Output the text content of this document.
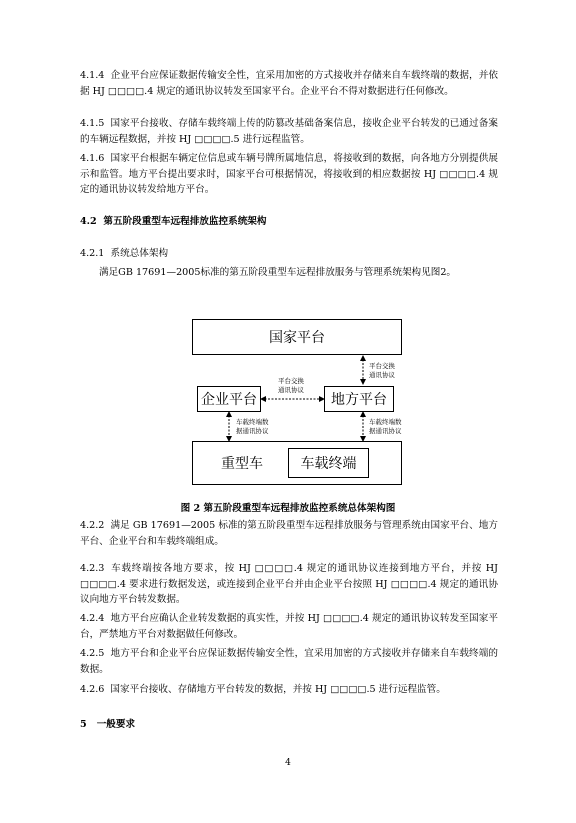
4.1.4 企业平台应保证数据传输安全性，宜采用加密的方式接收并存储来自车载终端的数据，并依据 HJ □□□□.4 规定的通讯协议转发至国家平台。企业平台不得对数据进行任何修改。
4.1.5 国家平台接收、存储车载终端上传的防篡改基础备案信息，接收企业平台转发的已通过备案的车辆远程数据，并按 HJ □□□□.5 进行远程监管。
4.1.6 国家平台根据车辆定位信息或车辆号牌所属地信息，将接收到的数据，向各地方分别提供展示和监管。地方平台提出要求时，国家平台可根据情况，将接收到的相应数据按 HJ □□□□.4 规定的通讯协议转发给地方平台。
4.2 第五阶段重型车远程排放监控系统架构
4.2.1 系统总体架构
满足GB 17691—2005标准的第五阶段重型车远程排放服务与管理系统架构见图2。
国家平台
平台交换
通讯协议
企业平台
平台交换
通讯协议
地方平台
车载终端数
据通讯协议
车载终端数
据通讯协议
重型车	车载终端
图 2 第五阶段重型车远程排放监控系统总体架构图
4.2.2 满足 GB 17691—2005 标准的第五阶段重型车远程排放服务与管理系统由国家平台、地方平台、企业平台和车载终端组成。
4.2.3 车载终端按各地方要求，按 HJ □□□□.4 规定的通讯协议连接到地方平台，并按 HJ □□□□.4 要求进行数据发送，或连接到企业平台并由企业平台按照 HJ □□□□.4 规定的通讯协议向地方平台转发数据。
4.2.4 地方平台应确认企业转发数据的真实性，并按 HJ □□□□.4 规定的通讯协议转发至国家平台，严禁地方平台对数据做任何修改。
4.2.5 地方平台和企业平台应保证数据传输安全性，宜采用加密的方式接收并存储来自车载终端的数据。
4.2.6 国家平台接收、存储地方平台转发的数据，并按 HJ □□□□.5 进行远程监管。
5 一般要求
4
